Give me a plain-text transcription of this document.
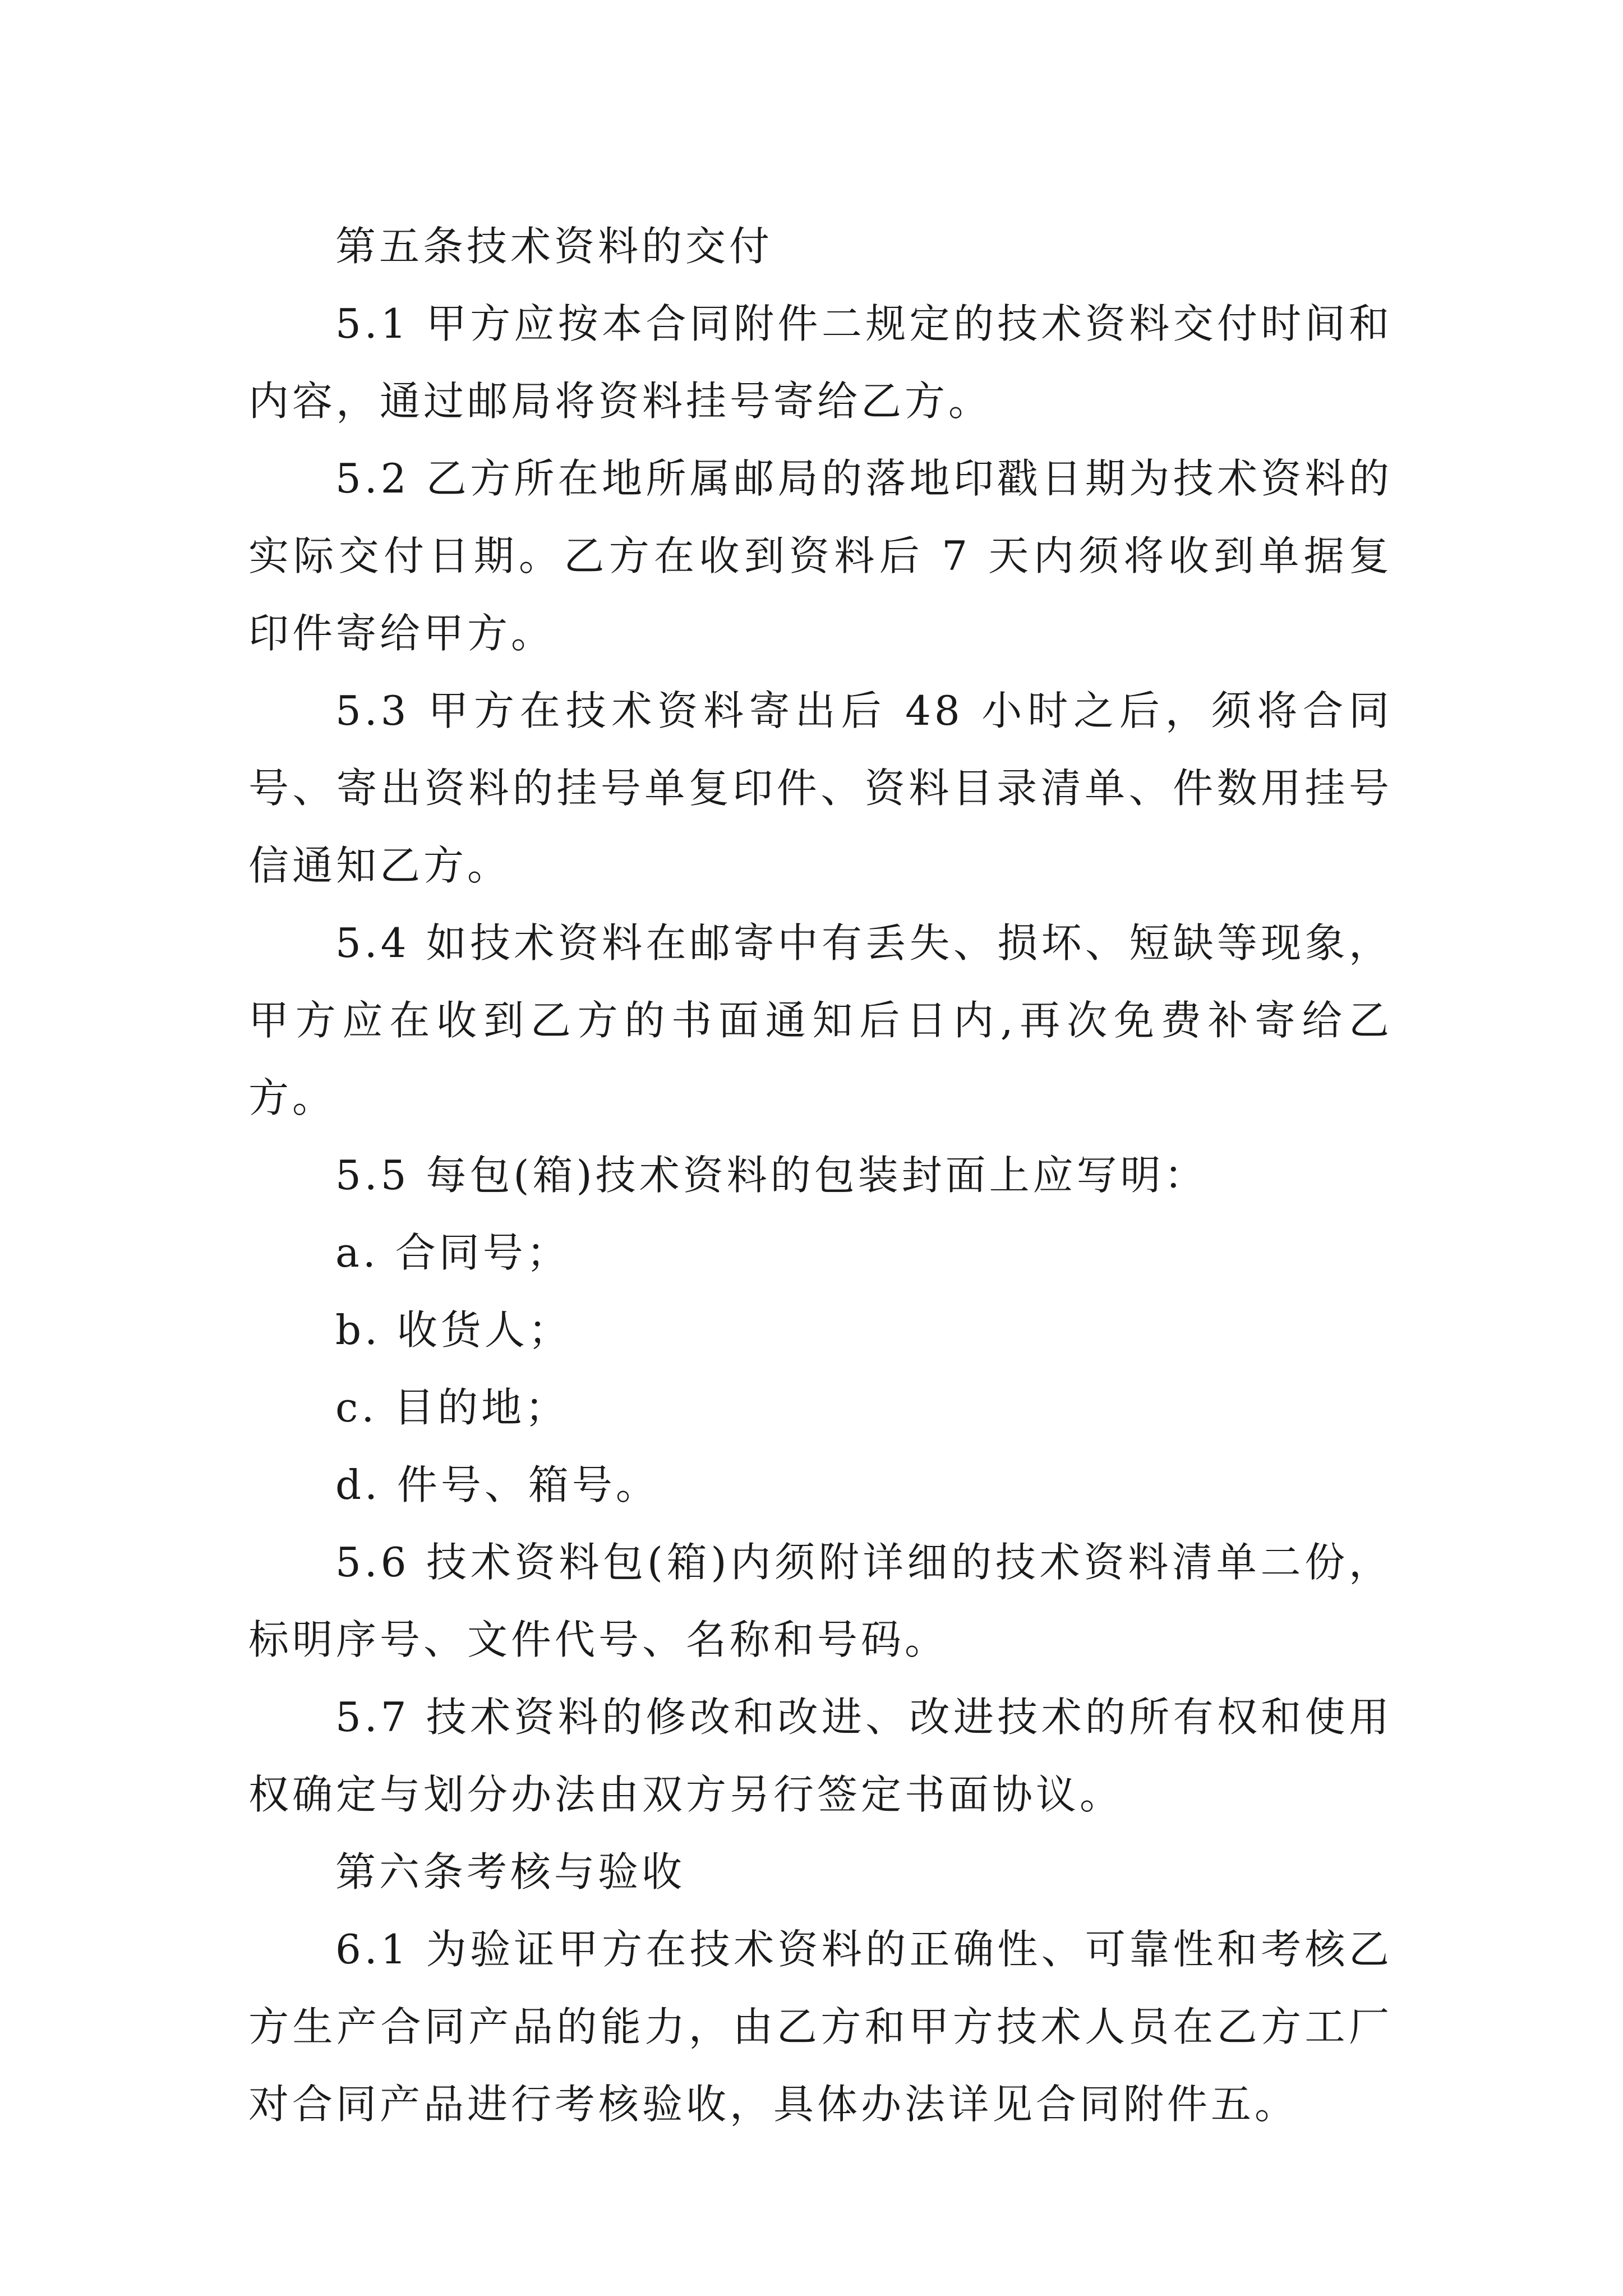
第五条技术资料的交付

5.1 甲方应按本合同附件二规定的技术资料交付时间和内容，通过邮局将资料挂号寄给乙方。

5.2 乙方所在地所属邮局的落地印戳日期为技术资料的实际交付日期。乙方在收到资料后 7 天内须将收到单据复印件寄给甲方。

5.3 甲方在技术资料寄出后 48 小时之后，须将合同号、寄出资料的挂号单复印件、资料目录清单、件数用挂号信通知乙方。

5.4 如技术资料在邮寄中有丢失、损坏、短缺等现象，甲方应在收到乙方的书面通知后日内,再次免费补寄给乙方。

5.5 每包(箱)技术资料的包装封面上应写明：

a. 合同号；

b. 收货人；

c. 目的地；

d. 件号、箱号。

5.6 技术资料包(箱)内须附详细的技术资料清单二份，标明序号、文件代号、名称和号码。

5.7 技术资料的修改和改进、改进技术的所有权和使用权确定与划分办法由双方另行签定书面协议。

第六条考核与验收

6.1 为验证甲方在技术资料的正确性、可靠性和考核乙方生产合同产品的能力，由乙方和甲方技术人员在乙方工厂对合同产品进行考核验收，具体办法详见合同附件五。
